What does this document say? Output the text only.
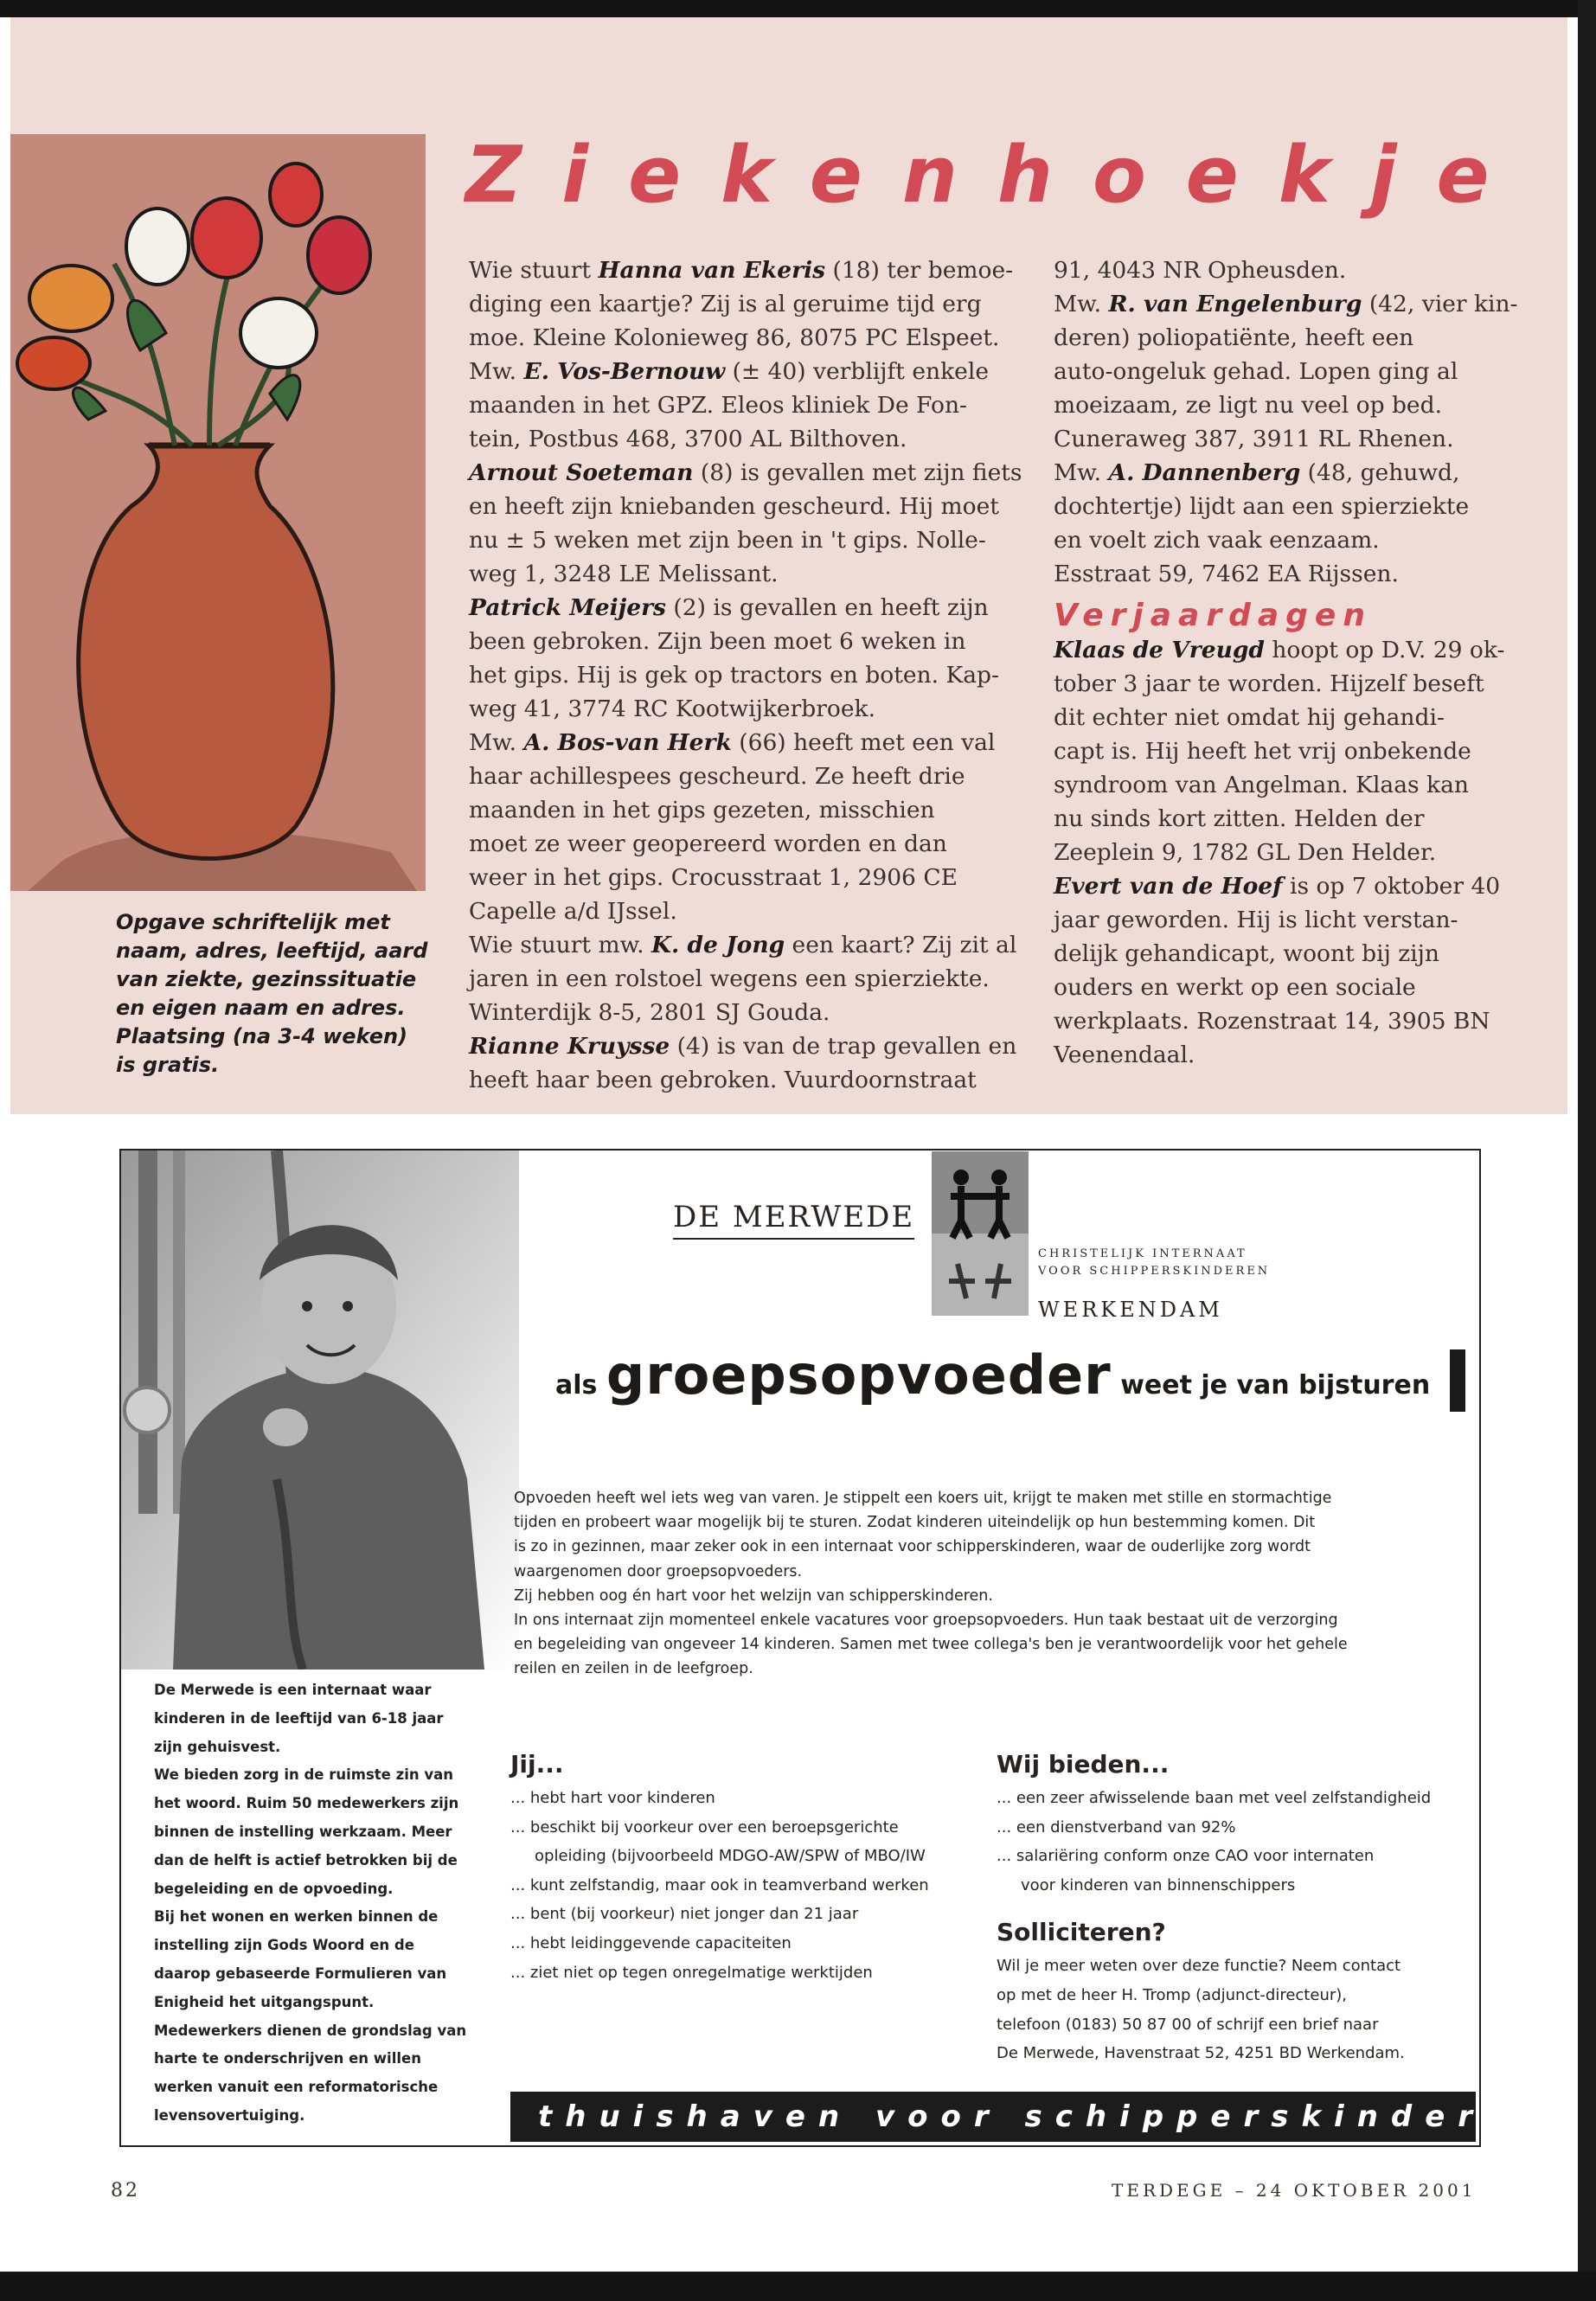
Opgave schriftelijk met
naam, adres, leeftijd, aard
van ziekte, gezinssituatie
en eigen naam en adres.
Plaatsing (na 3-4 weken)
is gratis.
Ziekenhoekje
Wie stuurt Hanna van Ekeris (18) ter bemoe-
diging een kaartje? Zij is al geruime tijd erg
moe. Kleine Kolonieweg 86, 8075 PC Elspeet.
Mw. E. Vos-Bernouw (± 40) verblijft enkele
maanden in het GPZ. Eleos kliniek De Fon-
tein, Postbus 468, 3700 AL Bilthoven.
Arnout Soeteman (8) is gevallen met zijn fiets
en heeft zijn kniebanden gescheurd. Hij moet
nu ± 5 weken met zijn been in 't gips. Nolle-
weg 1, 3248 LE Melissant.
Patrick Meijers (2) is gevallen en heeft zijn
been gebroken. Zijn been moet 6 weken in
het gips. Hij is gek op tractors en boten. Kap-
weg 41, 3774 RC Kootwijkerbroek.
Mw. A. Bos-van Herk (66) heeft met een val
haar achillespees gescheurd. Ze heeft drie
maanden in het gips gezeten, misschien
moet ze weer geopereerd worden en dan
weer in het gips. Crocusstraat 1, 2906 CE
Capelle a/d IJssel.
Wie stuurt mw. K. de Jong een kaart? Zij zit al
jaren in een rolstoel wegens een spierziekte.
Winterdijk 8-5, 2801 SJ Gouda.
Rianne Kruysse (4) is van de trap gevallen en
heeft haar been gebroken. Vuurdoornstraat
91, 4043 NR Opheusden.
Mw. R. van Engelenburg (42, vier kin-
deren) poliopatiënte, heeft een
auto-ongeluk gehad. Lopen ging al
moeizaam, ze ligt nu veel op bed.
Cuneraweg 387, 3911 RL Rhenen.
Mw. A. Dannenberg (48, gehuwd,
dochtertje) lijdt aan een spierziekte
en voelt zich vaak eenzaam.
Esstraat 59, 7462 EA Rijssen.
Verjaardagen
Klaas de Vreugd hoopt op D.V. 29 ok-
tober 3 jaar te worden. Hijzelf beseft
dit echter niet omdat hij gehandi-
capt is. Hij heeft het vrij onbekende
syndroom van Angelman. Klaas kan
nu sinds kort zitten. Helden der
Zeeplein 9, 1782 GL Den Helder.
Evert van de Hoef is op 7 oktober 40
jaar geworden. Hij is licht verstan-
delijk gehandicapt, woont bij zijn
ouders en werkt op een sociale
werkplaats. Rozenstraat 14, 3905 BN
Veenendaal.
De Merwede is een internaat waar
kinderen in de leeftijd van 6-18 jaar
zijn gehuisvest.
We bieden zorg in de ruimste zin van
het woord. Ruim 50 medewerkers zijn
binnen de instelling werkzaam. Meer
dan de helft is actief betrokken bij de
begeleiding en de opvoeding.
Bij het wonen en werken binnen de
instelling zijn Gods Woord en de
daarop gebaseerde Formulieren van
Enigheid het uitgangspunt.
Medewerkers dienen de grondslag van
harte te onderschrijven en willen
werken vanuit een reformatorische
levensovertuiging.
DE MERWEDE
CHRISTELIJK INTERNAAT
VOOR SCHIPPERSKINDEREN
WERKENDAM
als groepsopvoeder weet je van bijsturen
Opvoeden heeft wel iets weg van varen. Je stippelt een koers uit, krijgt te maken met stille en stormachtige
tijden en probeert waar mogelijk bij te sturen. Zodat kinderen uiteindelijk op hun bestemming komen. Dit
is zo in gezinnen, maar zeker ook in een internaat voor schipperskinderen, waar de ouderlijke zorg wordt
waargenomen door groepsopvoeders.
Zij hebben oog én hart voor het welzijn van schipperskinderen.
In ons internaat zijn momenteel enkele vacatures voor groepsopvoeders. Hun taak bestaat uit de verzorging
en begeleiding van ongeveer 14 kinderen. Samen met twee collega's ben je verantwoordelijk voor het gehele
reilen en zeilen in de leefgroep.
Jij...
... hebt hart voor kinderen
... beschikt bij voorkeur over een beroepsgerichte
opleiding (bijvoorbeeld MDGO-AW/SPW of MBO/IW
... kunt zelfstandig, maar ook in teamverband werken
... bent (bij voorkeur) niet jonger dan 21 jaar
... hebt leidinggevende capaciteiten
... ziet niet op tegen onregelmatige werktijden
Wij bieden...
... een zeer afwisselende baan met veel zelfstandigheid
... een dienstverband van 92%
... salariëring conform onze CAO voor internaten
voor kinderen van binnenschippers
Solliciteren?
Wil je meer weten over deze functie? Neem contact
op met de heer H. Tromp (adjunct-directeur),
telefoon (0183) 50 87 00 of schrijf een brief naar
De Merwede, Havenstraat 52, 4251 BD Werkendam.
thuishaven voor schipperskinderen
82	TERDEGE – 24 OKTOBER 2001
